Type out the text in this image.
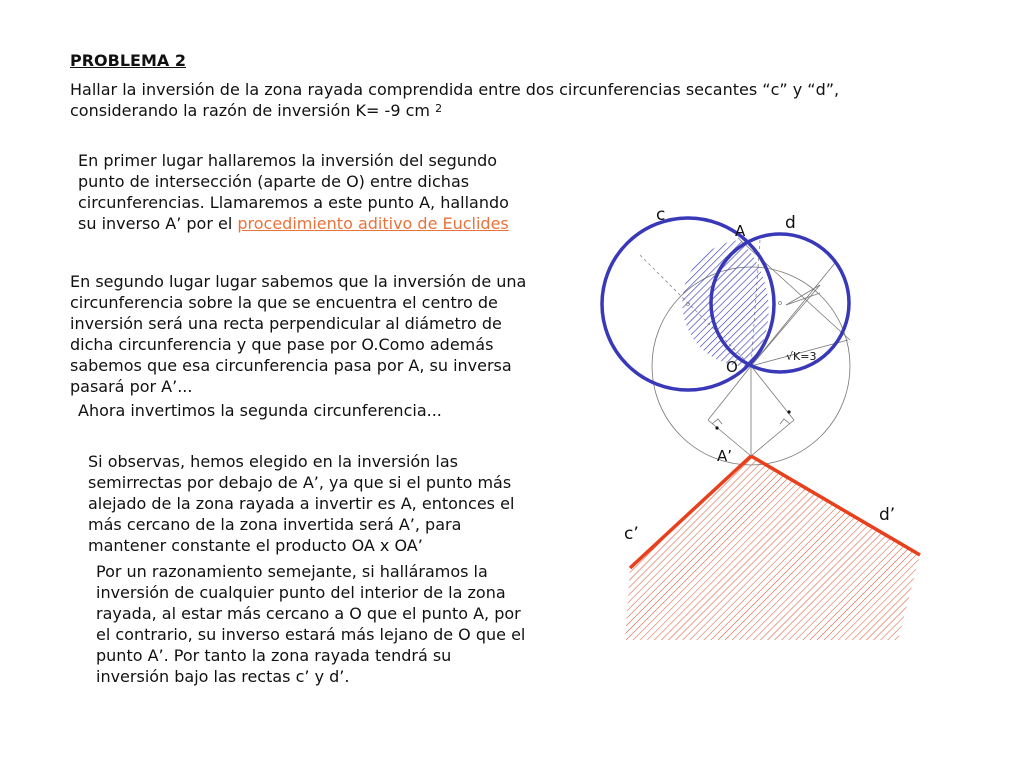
PROBLEMA 2

Hallar la inversión de la zona rayada comprendida entre dos circunferencias secantes “c” y “d”, considerando la razón de inversión K= -9 cm $^2$

En primer lugar hallaremos la inversión del segundo punto de intersección (aparte de O) entre dichas circunferencias. Llamaremos a este punto A, hallando su inverso A’ por el procedimiento aditivo de Euclides

En segundo lugar lugar sabemos que la inversión de una circunferencia sobre la que se encuentra el centro de inversión será una recta perpendicular al diámetro de dicha circunferencia y que pase por O.Como además sabemos que esa circunferencia pasa por A, su inversa pasará por A’...

Ahora invertimos la segunda circunferencia...

Si observas, hemos elegido en la inversión las semirrectas por debajo de A’, ya que si el punto más alejado de la zona rayada a invertir es A, entonces el más cercano de la zona invertida será A’, para mantener constante el producto OA x OA’

Por un razonamiento semejante, si halláramos la inversión de cualquier punto del interior de la zona rayada, al estar más cercano a O que el punto A, por el contrario, su inverso estará más lejano de O que el punto A’. Por tanto la zona rayada tendrá su inversión bajo las rectas c’ y d’.

c	d
A
O
√K=3
A’
c’
d’
